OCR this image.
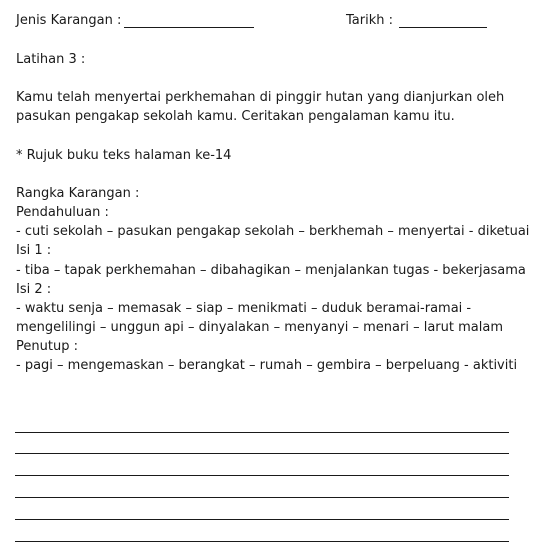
Jenis Karangan :	Tarikh :
Latihan 3 :
Kamu telah menyertai perkhemahan di pinggir hutan yang dianjurkan oleh
pasukan pengakap sekolah kamu. Ceritakan pengalaman kamu itu.
* Rujuk buku teks halaman ke-14
Rangka Karangan :
Pendahuluan :
- cuti sekolah – pasukan pengakap sekolah – berkhemah – menyertai - diketuai
Isi 1 :
- tiba – tapak perkhemahan – dibahagikan – menjalankan tugas - bekerjasama
Isi 2 :
- waktu senja – memasak – siap – menikmati – duduk beramai-ramai -
mengelilingi – unggun api – dinyalakan – menyanyi – menari – larut malam
Penutup :
- pagi – mengemaskan – berangkat – rumah – gembira – berpeluang - aktiviti
